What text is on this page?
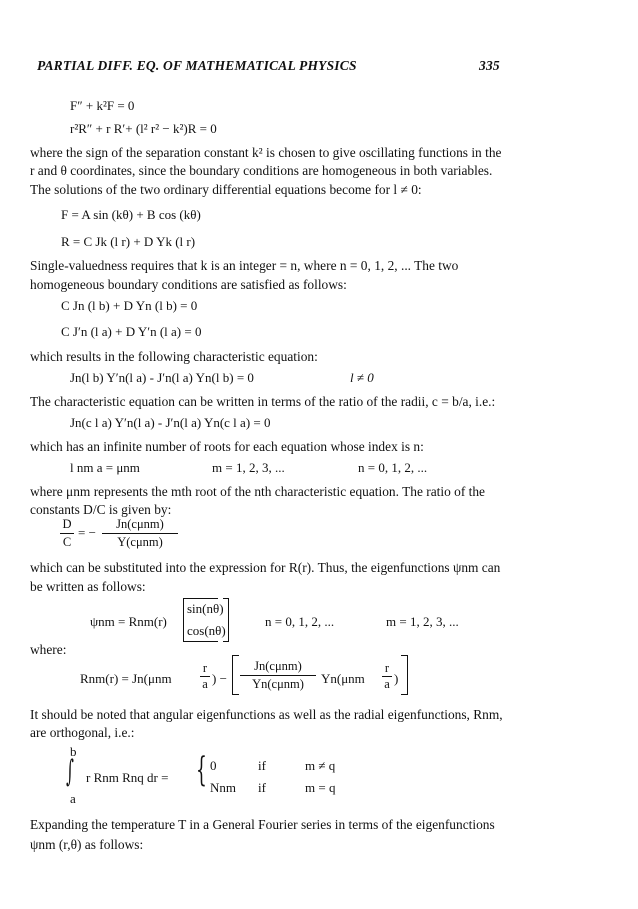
PARTIAL DIFF. EQ. OF MATHEMATICAL PHYSICS	335
F″ + k²F = 0
r²R″ + r R′+ (l² r² − k²)R = 0
where the sign of the separation constant k² is chosen to give oscillating functions in the
r and θ coordinates, since the boundary conditions are homogeneous in both variables.
The solutions of the two ordinary differential equations become for l ≠ 0:
F = A sin (kθ) + B cos (kθ)
R = C Jk (l r) + D Yk (l r)
Single-valuedness requires that k is an integer = n, where n = 0, 1, 2, ... The two
homogeneous boundary conditions are satisfied as follows:
C Jn (l b) + D Yn (l b) = 0
C J′n (l a) + D Y′n (l a) = 0
which results in the following characteristic equation:
Jn(l b) Y′n(l a) - J′n(l a) Yn(l b) = 0	l ≠ 0
The characteristic equation can be written in terms of the ratio of the radii, c = b/a, i.e.:
Jn(c l a) Y′n(l a) - J′n(l a) Yn(c l a) = 0
which has an infinite number of roots for each equation whose index is n:
l nm a = μnm	m = 1, 2, 3, ...	n = 0, 1, 2, ...
where μnm represents the mth root of the nth characteristic equation. The ratio of the
constants D/C is given by:
D
C
= −
Jn(cμnm)
Y(cμnm)
which can be substituted into the expression for R(r). Thus, the eigenfunctions ψnm can
be written as follows:
ψnm = Rnm(r)
sin(nθ)
cos(nθ)
n = 0, 1, 2, ...	m = 1, 2, 3, ...
where:
Rnm(r) = Jn(μnm
r
a ) −
Jn(cμnm)
Yn(cμnm)	Yn(μnm
r
a )
It should be noted that angular eigenfunctions as well as the radial eigenfunctions, Rnm,
are orthogonal, i.e.:
b
∫
a
r Rnm Rnq dr = { 0	if	m ≠ q
Nnm if	m = q
Expanding the temperature T in a General Fourier series in terms of the eigenfunctions
ψnm (r,θ) as follows:
